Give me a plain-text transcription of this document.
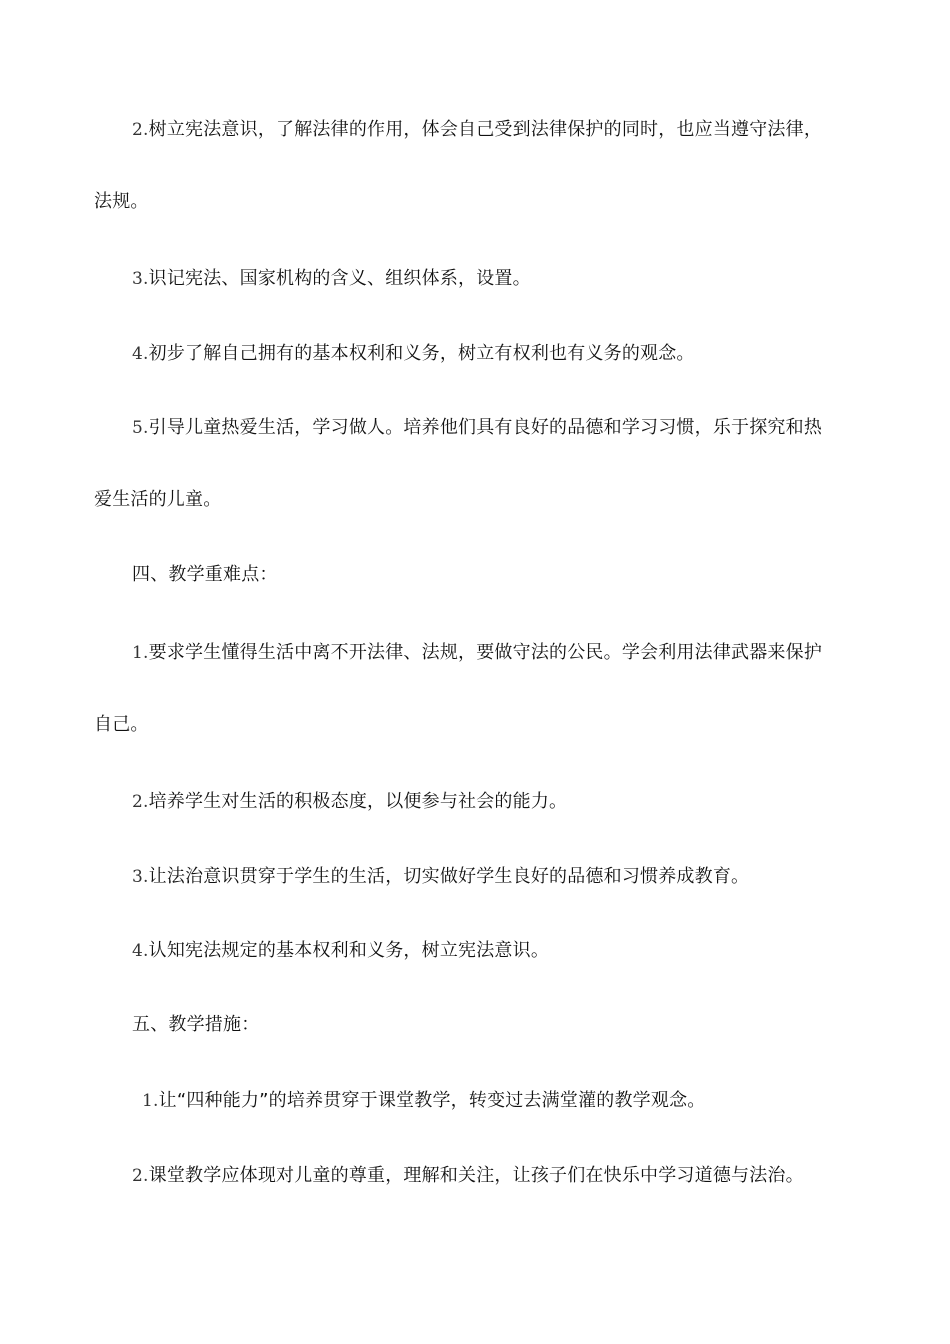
2.树立宪法意识，了解法律的作用，体会自己受到法律保护的同时，也应当遵守法律，
法规。
3.识记宪法、国家机构的含义、组织体系，设置。
4.初步了解自己拥有的基本权利和义务，树立有权利也有义务的观念。
5.引导儿童热爱生活，学习做人。培养他们具有良好的品德和学习习惯，乐于探究和热
爱生活的儿童。
四、教学重难点：
1.要求学生懂得生活中离不开法律、法规，要做守法的公民。学会利用法律武器来保护
自己。
2.培养学生对生活的积极态度，以便参与社会的能力。
3.让法治意识贯穿于学生的生活，切实做好学生良好的品德和习惯养成教育。
4.认知宪法规定的基本权利和义务，树立宪法意识。
五、教学措施：
1.让“四种能力”的培养贯穿于课堂教学，转变过去满堂灌的教学观念。
2.课堂教学应体现对儿童的尊重，理解和关注，让孩子们在快乐中学习道德与法治。
